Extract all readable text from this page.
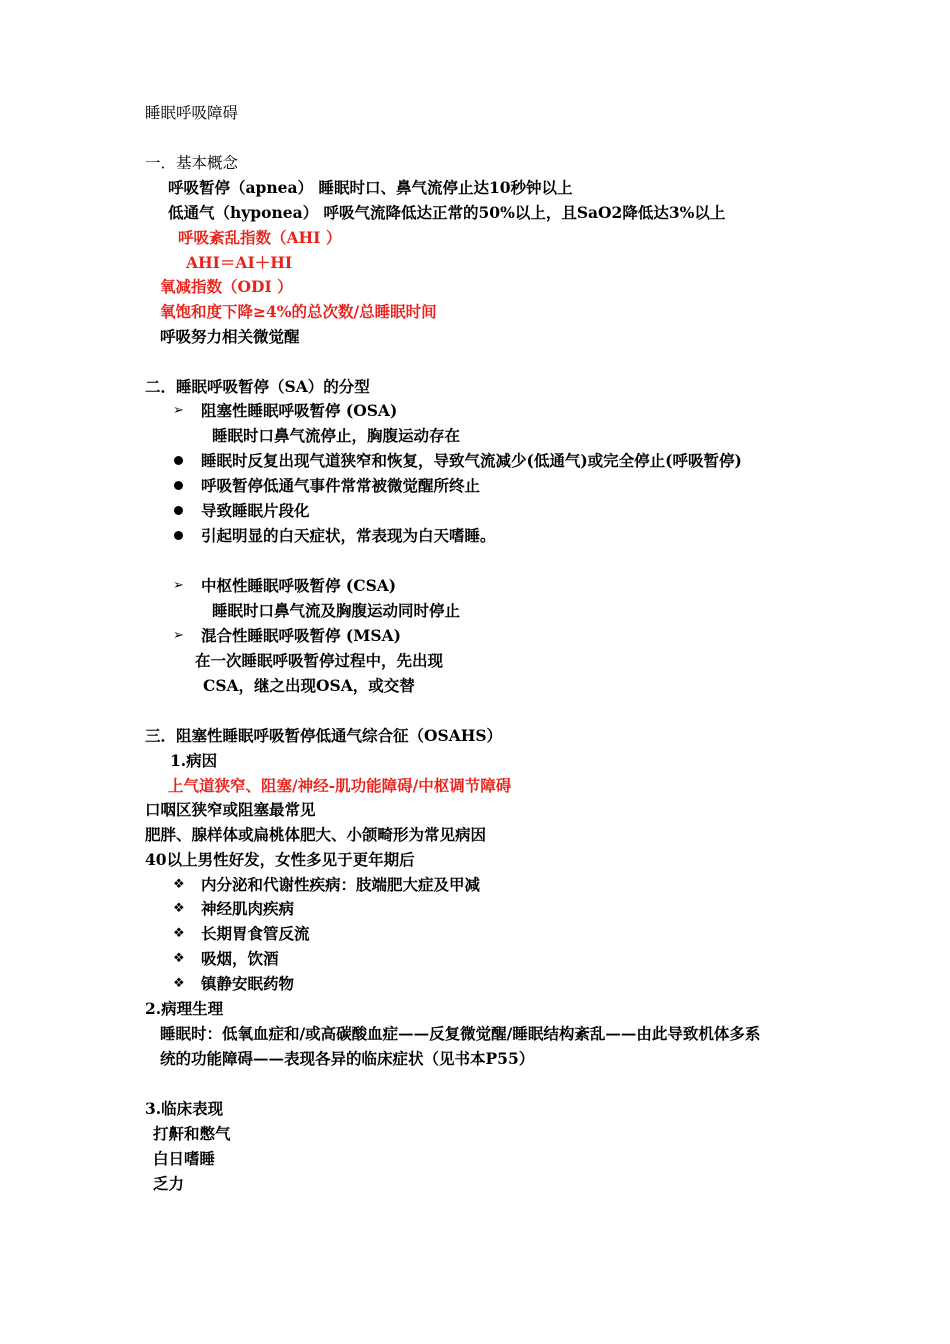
睡眠呼吸障碍
一．基本概念
呼吸暂停（apnea） 睡眠时口、鼻气流停止达10秒钟以上
低通气（hyponea） 呼吸气流降低达正常的50%以上，且SaO2降低达3%以上
呼吸紊乱指数（AHI ）
AHI＝AI＋HI
氧减指数（ODI ）
氧饱和度下降≥4%的总次数/总睡眠时间
呼吸努力相关微觉醒
二．睡眠呼吸暂停（SA）的分型
➢ 阻塞性睡眠呼吸暂停 (OSA)
睡眠时口鼻气流停止，胸腹运动存在
睡眠时反复出现气道狭窄和恢复，导致气流减少(低通气)或完全停止(呼吸暂停)
呼吸暂停低通气事件常常被微觉醒所终止
导致睡眠片段化
引起明显的白天症状，常表现为白天嗜睡。
➢ 中枢性睡眠呼吸暂停 (CSA)
睡眠时口鼻气流及胸腹运动同时停止
➢ 混合性睡眠呼吸暂停 (MSA)
在一次睡眠呼吸暂停过程中，先出现
CSA，继之出现OSA，或交替
三．阻塞性睡眠呼吸暂停低通气综合征（OSAHS）
1.病因
上气道狭窄、阻塞/神经-肌功能障碍/中枢调节障碍
口咽区狭窄或阻塞最常见
肥胖、腺样体或扁桃体肥大、小颌畸形为常见病因
40以上男性好发，女性多见于更年期后
❖ 内分泌和代谢性疾病：肢端肥大症及甲减
❖ 神经肌肉疾病
❖ 长期胃食管反流
❖ 吸烟，饮酒
❖ 镇静安眠药物
2.病理生理
睡眠时：低氧血症和/或高碳酸血症——反复微觉醒/睡眠结构紊乱——由此导致机体多系
统的功能障碍——表现各异的临床症状（见书本P55）
3.临床表现
打鼾和憋气
白日嗜睡
乏力
